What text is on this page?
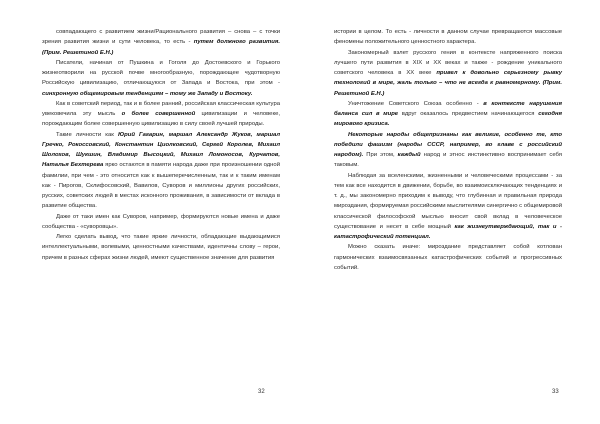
совпадающего с развитием жизни/Рационального развития – снова – с точки зрения развития жизни и сути человека, то есть - путем должного развития. (Прим. Решетиной Е.Н.)

Писатели, начиная от Пушкина и Гоголя до Достоевского и Горького жизнеотворили на русской почве многообразную, порождающее чудотворную Российскую цивилизацию, отличающуюся от Запада и Востока, при этом - синхронную общемировым тенденциям – тому же Западу и Востоку.

Как в советский период, так и в более ранний, российская классическая культура увековечила эту мысль о более совершенной цивилизации и человеке, порождающим более совершенную цивилизацию в силу своей лучшей природы.

Такие личности как Юрий Гагарин, маршал Александр Жуков, маршал Гречко, Рокоссовский, Константин Циолковский, Сергей Королев, Михаил Шолохов, Шукшин, Владимир Высоцкий, Михаил Ломоносов, Курчатов, Наталья Бехтерева ярко остаются в памяти народа даже при произношении одной фамилии, при чем - это относится как к вышеперечисленным, так и к таким именам как - Пирогов, Склифосовский, Вавилов, Суворов и миллионы других российских, русских, советских людей в местах исконного проживания, в зависимости от вклада в развитие общества.

Даже от таки имен как Суворов, например, формируются новые имена и даже сообщества - «суворовцы».

Легко сделать вывод, что такие яркие личности, обладающие выдающимися интеллектуальными, волевыми, ценностными качествами, идентичны слову – герои, причем в разных сферах жизни людей, имеют существенное значение для развития

32

истории в целом. То есть - личности в данном случае превращаются массовые феномены положительного ценностного характера.

Закономерный взлет русского гения в контексте напряженного поиска лучшего пути развития в XIX и XX веках и также - рождение уникального советского человека в XX веке привел к довольно серьезному рывку технологий в мире, жаль только – что не всегда к равномерному. (Прим. Решетиной Е.Н.)

Уничтожение Советского Союза особенно - в контексте нарушения баланса сил в мире вдруг оказалось предвестием начинающегося сегодня мирового кризиса.

Некоторые народы общепризнаны как великие, особенно те, кто победили фашизм (народы СССР, например, во главе с российский народом). При этом, каждый народ и этнос инстинктивно воспринимает себя таковым.

Наблюдая за вселенскими, жизненными и человеческими процессами - за тем как все находится в движении, борьбе, во взаимоисключающих тенденциях и т. д., мы закономерно приходим к выводу, что глубинная и правильная природа мироздания, формируемая российскими мыслителями синергично с общемировой классической философской мыслью вносит свой вклад в человеческое существование и несет в себе мощный как жизнеутверждающий, так и - катастрофический потенциал.

Можно сказать иначе: мироздание представляет собой котлован гармонических взаимосвязанных катастрофических событий и прогрессивных событий.

33
